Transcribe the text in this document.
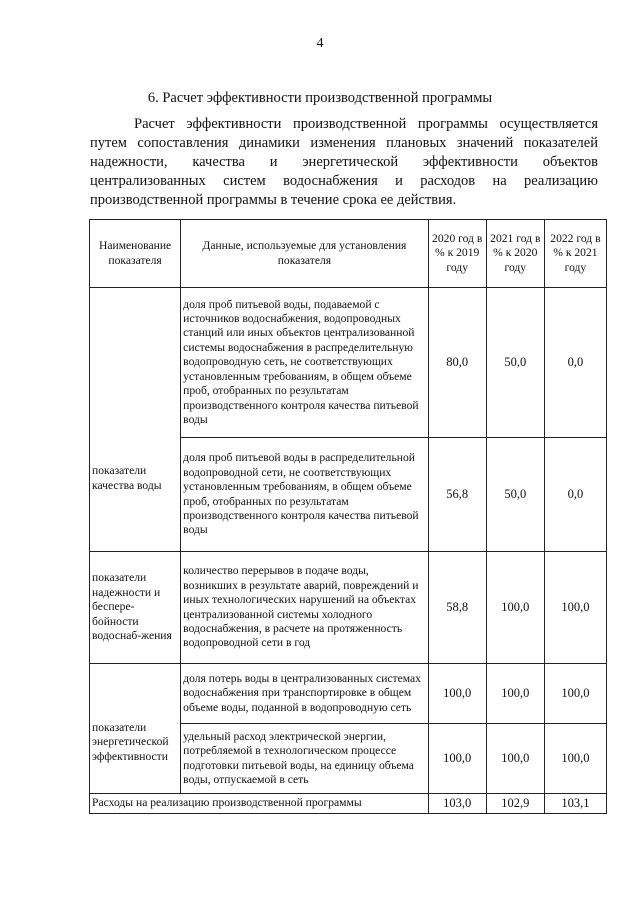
4
6. Расчет эффективности производственной программы

Расчет эффективности производственной программы осуществляется путем сопоставления динамики изменения плановых значений показателей надежности, качества и энергетической эффективности объектов централизованных систем водоснабжения и расходов на реализацию производственной программы в течение срока ее действия.

Наименование показателя	Данные, используемые для установления показателя	2020 год в % к 2019 году	2021 год в % к 2020 году	2022 год в % к 2021 году
показатели качества воды	доля проб питьевой воды, подаваемой с источников водоснабжения, водопроводных станций или иных объектов централизованной системы водоснабжения в распределительную водопроводную сеть, не соответствующих установленным требованиям, в общем объеме проб, отобранных по результатам производственного контроля качества питьевой воды	80,0	50,0	0,0
	доля проб питьевой воды в распределительной водопроводной сети, не соответствующих установленным требованиям, в общем объеме проб, отобранных по результатам производственного контроля качества питьевой воды	56,8	50,0	0,0
показатели надежности и беспере-бойности водоснаб-жения	количество перерывов в подаче воды, возникших в результате аварий, повреждений и иных технологических нарушений на объектах централизованной системы холодного водоснабжения, в расчете на протяженность водопроводной сети в год	58,8	100,0	100,0
показатели энергетической эффективности	доля потерь воды в централизованных системах водоснабжения при транспортировке в общем объеме воды, поданной в водопроводную сеть	100,0	100,0	100,0
	удельный расход электрической энергии, потребляемой в технологическом процессе подготовки питьевой воды, на единицу объема воды, отпускаемой в сеть	100,0	100,0	100,0
Расходы на реализацию производственной программы		103,0	102,9	103,1
